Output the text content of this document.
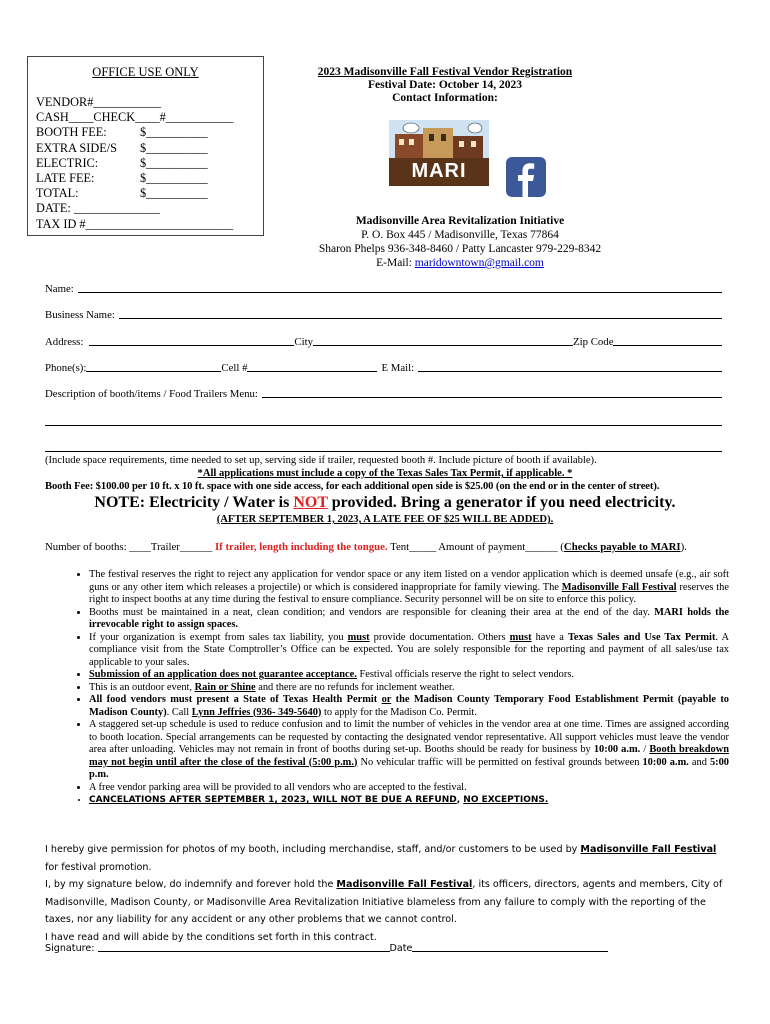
OFFICE USE ONLY
VENDOR#___________
CASH____CHECK____#___________
BOOTH FEE:	$__________
EXTRA SIDE/S	$__________
ELECTRIC:	$__________
LATE FEE:	$__________
TOTAL:	$__________
DATE: ______________
TAX ID #________________________
2023 Madisonville Fall Festival Vendor Registration
Festival Date: October 14, 2023
Contact Information:
MARI
Madisonville Area Revitalization Initiative
P. O. Box 445 / Madisonville, Texas 77864
Sharon Phelps 936-348-8460 / Patty Lancaster 979-229-8342
E-Mail: maridowntown@gmail.com
Name:
Business Name:
Address:	City	Zip Code
Phone(s):	Cell #	E Mail:
Description of booth/items / Food Trailers Menu:
(Include space requirements, time needed to set up, serving side if trailer, requested booth #. Include picture of booth if available).
*All applications must include a copy of the Texas Sales Tax Permit, if applicable. *
Booth Fee: $100.00 per 10 ft. x 10 ft. space with one side access, for each additional open side is $25.00 (on the end or in the center of street).
NOTE: Electricity / Water is NOT provided. Bring a generator if you need electricity.
(AFTER SEPTEMBER 1, 2023, A LATE FEE OF $25 WILL BE ADDED).
Number of booths: ____Trailer______ If trailer, length including the tongue. Tent_____ Amount of payment______ (Checks payable to MARI).
• The festival reserves the right to reject any application for vendor space or any item listed on a vendor application which is deemed unsafe (e.g., air soft guns or any other item which releases a projectile) or which is considered inappropriate for family viewing. The Madisonville Fall Festival reserves the right to inspect booths at any time during the festival to ensure compliance. Security personnel will be on site to enforce this policy.
• Booths must be maintained in a neat, clean condition; and vendors are responsible for cleaning their area at the end of the day. MARI holds the irrevocable right to assign spaces.
• If your organization is exempt from sales tax liability, you must provide documentation. Others must have a Texas Sales and Use Tax Permit. A compliance visit from the State Comptroller’s Office can be expected. You are solely responsible for the reporting and payment of all sales/use tax applicable to your sales.
• Submission of an application does not guarantee acceptance. Festival officials reserve the right to select vendors.
• This is an outdoor event, Rain or Shine and there are no refunds for inclement weather.
• All food vendors must present a State of Texas Health Permit or the Madison County Temporary Food Establishment Permit (payable to Madison County). Call Lynn Jeffries (936- 349-5640) to apply for the Madison Co. Permit.
• A staggered set-up schedule is used to reduce confusion and to limit the number of vehicles in the vendor area at one time. Times are assigned according to booth location. Special arrangements can be requested by contacting the designated vendor representative. All support vehicles must leave the vendor area after unloading. Vehicles may not remain in front of booths during set-up. Booths should be ready for business by 10:00 a.m. / Booth breakdown may not begin until after the close of the festival (5:00 p.m.) No vehicular traffic will be permitted on festival grounds between 10:00 a.m. and 5:00 p.m.
• A free vendor parking area will be provided to all vendors who are accepted to the festival.
• CANCELATIONS AFTER SEPTEMBER 1, 2023, WILL NOT BE DUE A REFUND, NO EXCEPTIONS.
I hereby give permission for photos of my booth, including merchandise, staff, and/or customers to be used by Madisonville Fall Festival for festival promotion.
I, by my signature below, do indemnify and forever hold the Madisonville Fall Festival, its officers, directors, agents and members, City of Madisonville, Madison County, or Madisonville Area Revitalization Initiative blameless from any failure to comply with the reporting of the taxes, nor any liability for any accident or any other problems that we cannot control.
I have read and will abide by the conditions set forth in this contract.
Signature:	Date
